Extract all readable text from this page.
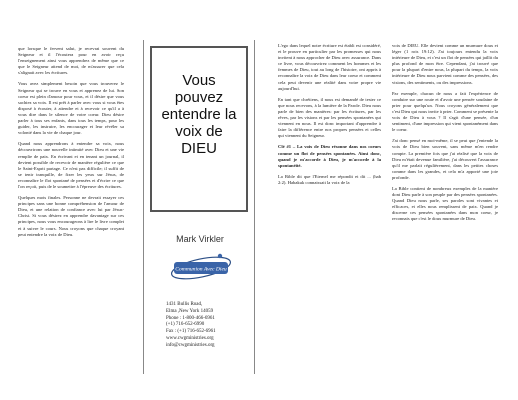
que lorsque le fervent salut, je recevrai souvent du Seigneur et il l'écoutera pour en avoir reçu l'enseignement ainsi vous apprendrez de même que ce que le Seigneur attend de moi, de m'assurer que cela s'alignait avec les écritures.

Vous avez simplement besoin que vous trouverez le Seigneur qui se trouve en vous et apprenez de lui. Son coeur est plein d'amour pour vous, et il désire que vous sachiez sa voix. Il est prêt à parler avec vous si vous êtes disposé à écouter, à attendre et à recevoir ce qu'il a à vous dire dans le silence de votre coeur. Dieu désire parler à tous ses enfants, dans tous les temps, pour les guider, les instruire, les encourager et leur révéler sa volonté dans la vie de chaque jour.

Quand nous apprendrons à entendre sa voix, nous découvrirons une nouvelle intimité avec Dieu et une vie remplie de paix. En écrivant et en tenant un journal, il devient possible de recevoir de manière régulière ce que le Saint-Esprit partage. Ce n'est pas difficile; il suffit de se tenir tranquille, de fixer les yeux sur Jésus, de reconnaître le flot spontané de pensées et d'écrire ce que l'on reçoit, puis de le soumettre à l'épreuve des écritures.

Quelques mots finales. Personne ne devrait essayer ces principes sans une bonne compréhension de l'amour de Dieu, et une relation de confiance avec lui par Jésus-Christ. Si vous désirez en apprendre davantage sur ces principes, nous vous encourageons à lire le livre complet et à suivre le cours. Nous croyons que chaque croyant peut entendre la voix de Dieu.

Vous
pouvez
entendre la
voix de
DIEU
Mark Virkler
Communion Avec Dieu
1431 Bullis Road,
Elma ,New York 14059
Phone : 1-800-466-6961
(+1) 716-652-6990
Fax : (+1) 716-652-6961
www.cwgministries.org
info@cwgministries.org

L'ego dans lequel notre écriture est établi est considéré, et le prouve en particulier par les promesses qui nous invitent à nous approcher de Dieu avec assurance. Dans ce livre, vous découvrirez comment les hommes et les femmes de Dieu, tout au long de l'histoire, ont appris à reconnaître la voix de Dieu dans leur coeur et comment cela peut devenir une réalité dans votre propre vie aujourd'hui.

En tant que chrétiens, il nous est demandé de tester ce que nous recevons, à la lumière de la Parole. Dieu nous parle de bien des manières: par les écritures, par les rêves, par les visions et par les pensées spontanées qui viennent en nous. Il est donc important d'apprendre à faire la différence entre nos propres pensées et celles qui viennent du Seigneur.

Clé #1 – La voix de Dieu résonne dans nos coeurs comme un flot de pensées spontanées. Ainsi donc, quand je m'accorde à Dieu, je m'accorde à la spontanéité.

La Bible dit que l'Eternel me répondit et dit ... (hab 2:2). Habakuk connaissait la voix de la

voix de DIEU. Elle devient comme un murmure doux et léger (1 rois 19:12). J'ai toujours entendu la voix intérieure de Dieu, et c'est un flot de pensées qui jaillit du plus profond de mon être. Cependant, j'ai trouvé que pour la plupart d'entre nous, la plupart du temps, la voix intérieure de Dieu nous parvient comme des pensées, des visions, des sentiments, ou des impressions.

Par exemple, chacun de nous a fait l'expérience de conduire sur une route et d'avoir une pensée soudaine de prier pour quelqu'un. Nous croyons généralement que c'est Dieu qui nous invite à prier. Comment se présente la voix de Dieu à vous ? Il s'agit d'une pensée, d'un sentiment, d'une impression qui vient spontanément dans le coeur.

J'ai donc pensé en moi-même, il se peut que j'entende la voix de Dieu bien souvent, sans même m'en rendre compte. La première fois que j'ai réalisé que la voix de Dieu m'était devenue familière, j'ai découvert l'assurance qu'il me parlait régulièrement, dans les petites choses comme dans les grandes, et cela m'a apporté une joie profonde.

La Bible contient de nombreux exemples de la manière dont Dieu parle à son peuple par des pensées spontanées. Quand Dieu nous parle, ses paroles sont vivantes et efficaces, et elles nous remplissent de paix. Quand je discerne ces pensées spontanées dans mon coeur, je reconnais que c'est le doux murmure de Dieu.
